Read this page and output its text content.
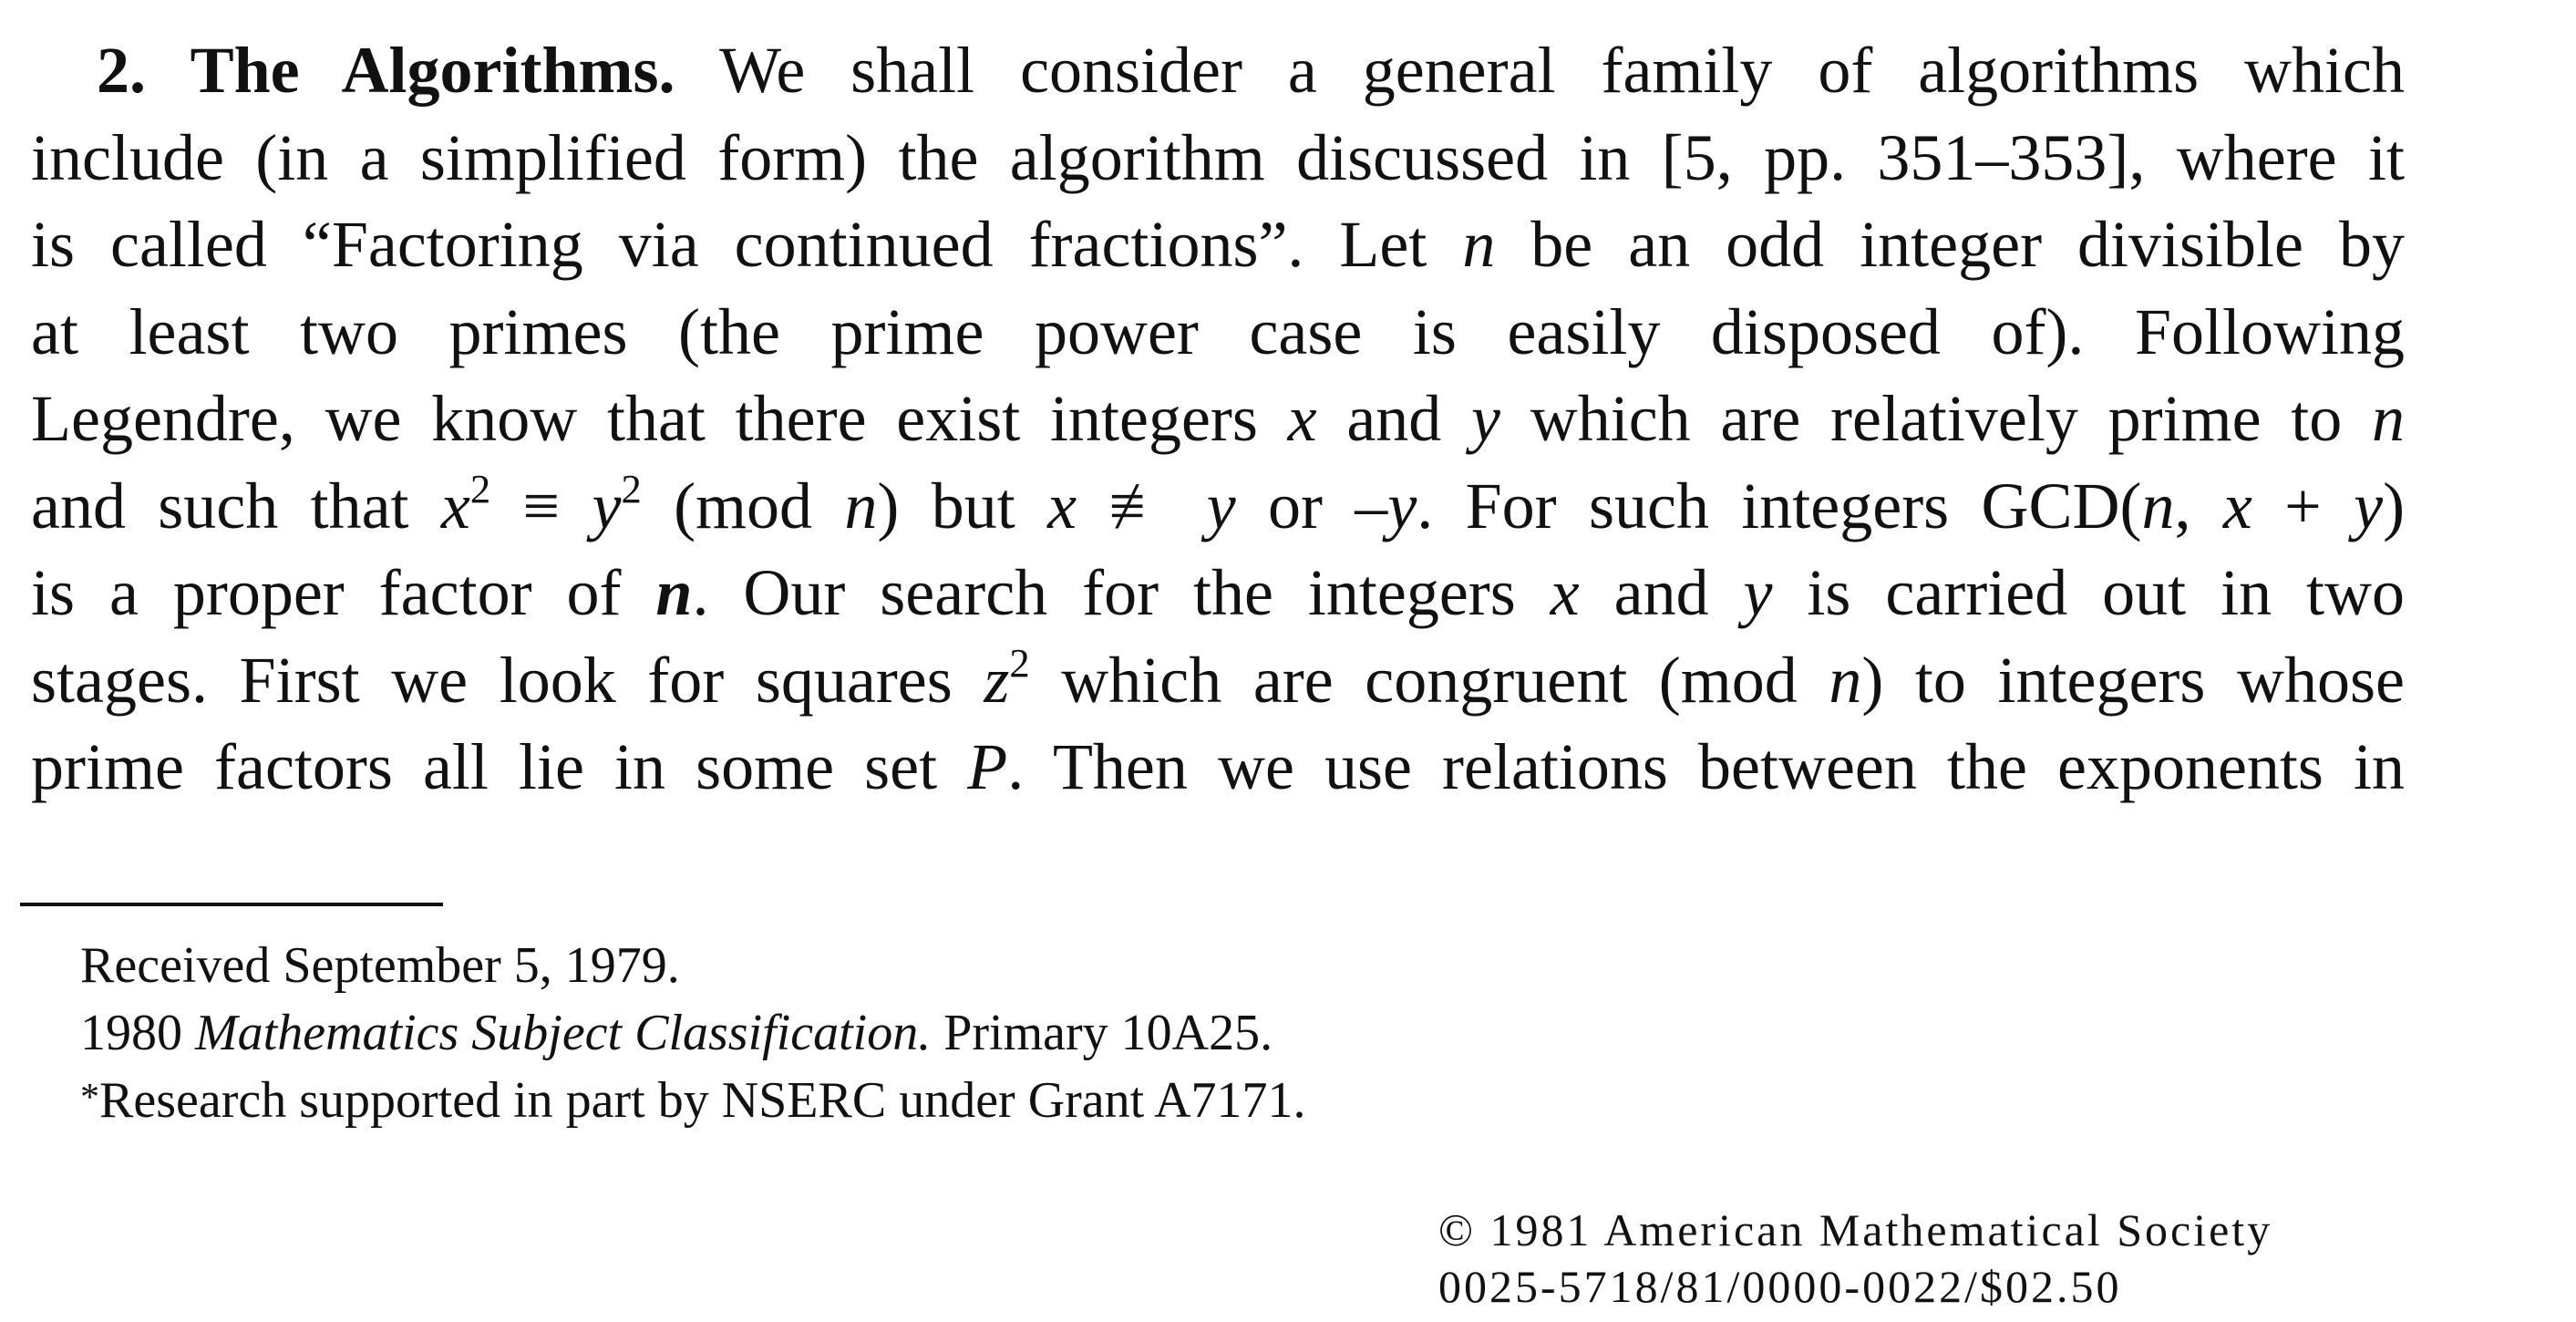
2. The Algorithms. We shall consider a general family of algorithms which
include (in a simplified form) the algorithm discussed in [5, pp. 351–353], where it
is called “Factoring via continued fractions”. Let n be an odd integer divisible by
at least two primes (the prime power case is easily disposed of). Following
Legendre, we know that there exist integers x and y which are relatively prime to n
and such that $x^2 \equiv y^2$ (mod n) but x ≢ y or –y. For such integers GCD(n, x + y)
is a proper factor of n. Our search for the integers x and y is carried out in two
stages. First we look for squares $z^2$ which are congruent (mod n) to integers whose
prime factors all lie in some set P. Then we use relations between the exponents in
Received September 5, 1979.
1980 Mathematics Subject Classification. Primary 10A25.
*Research supported in part by NSERC under Grant A7171.
© 1981 American Mathematical Society
0025-5718/81/0000-0022/$02.50
